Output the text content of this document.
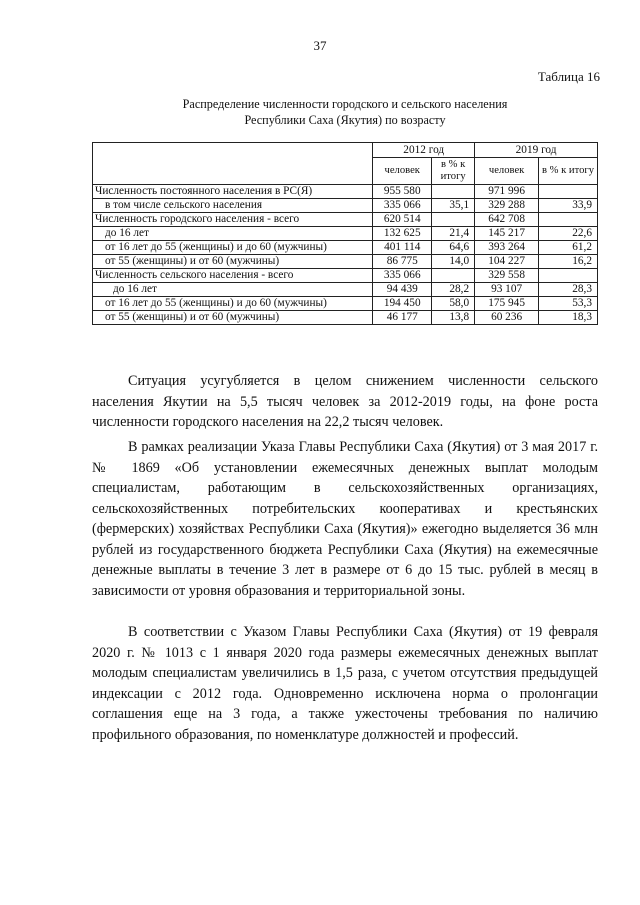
37
Таблица 16
Распределение численности городского и сельского населения
Республики Саха (Якутия) по возрасту
	2012 год		2019 год	
	человек	в % к итогу	человек	в % к итогу
Численность постоянного населения в РС(Я)	955 580		971 996	
в том числе сельского населения	335 066	35,1	329 288	33,9
Численность городского населения - всего	620 514		642 708	
до 16 лет	132 625	21,4	145 217	22,6
от 16 лет до 55 (женщины) и до 60 (мужчины)	401 114	64,6	393 264	61,2
от 55 (женщины) и от 60 (мужчины)	86 775	14,0	104 227	16,2
Численность сельского населения - всего	335 066		329 558	
до 16 лет	94 439	28,2	93 107	28,3
от 16 лет до 55 (женщины) и до 60 (мужчины)	194 450	58,0	175 945	53,3
от 55 (женщины) и от 60 (мужчины)	46 177	13,8	60 236	18,3
Ситуация усугубляется в целом снижением численности сельского населения Якутии на 5,5 тысяч человек за 2012-2019 годы, на фоне роста численности городского населения на 22,2 тысяч человек.
В рамках реализации Указа Главы Республики Саха (Якутия) от 3 мая 2017 г. № 1869 «Об установлении ежемесячных денежных выплат молодым специалистам, работающим в сельскохозяйственных организациях, сельскохозяйственных потребительских кооперативах и крестьянских (фермерских) хозяйствах Республики Саха (Якутия)» ежегодно выделяется 36 млн рублей из государственного бюджета Республики Саха (Якутия) на ежемесячные денежные выплаты в течение 3 лет в размере от 6 до 15 тыс. рублей в месяц в зависимости от уровня образования и территориальной зоны.
В соответствии с Указом Главы Республики Саха (Якутия) от 19 февраля 2020 г. № 1013 с 1 января 2020 года размеры ежемесячных денежных выплат молодым специалистам увеличились в 1,5 раза, с учетом отсутствия предыдущей индексации с 2012 года. Одновременно исключена норма о пролонгации соглашения еще на 3 года, а также ужесточены требования по наличию профильного образования, по номенклатуре должностей и профессий.
